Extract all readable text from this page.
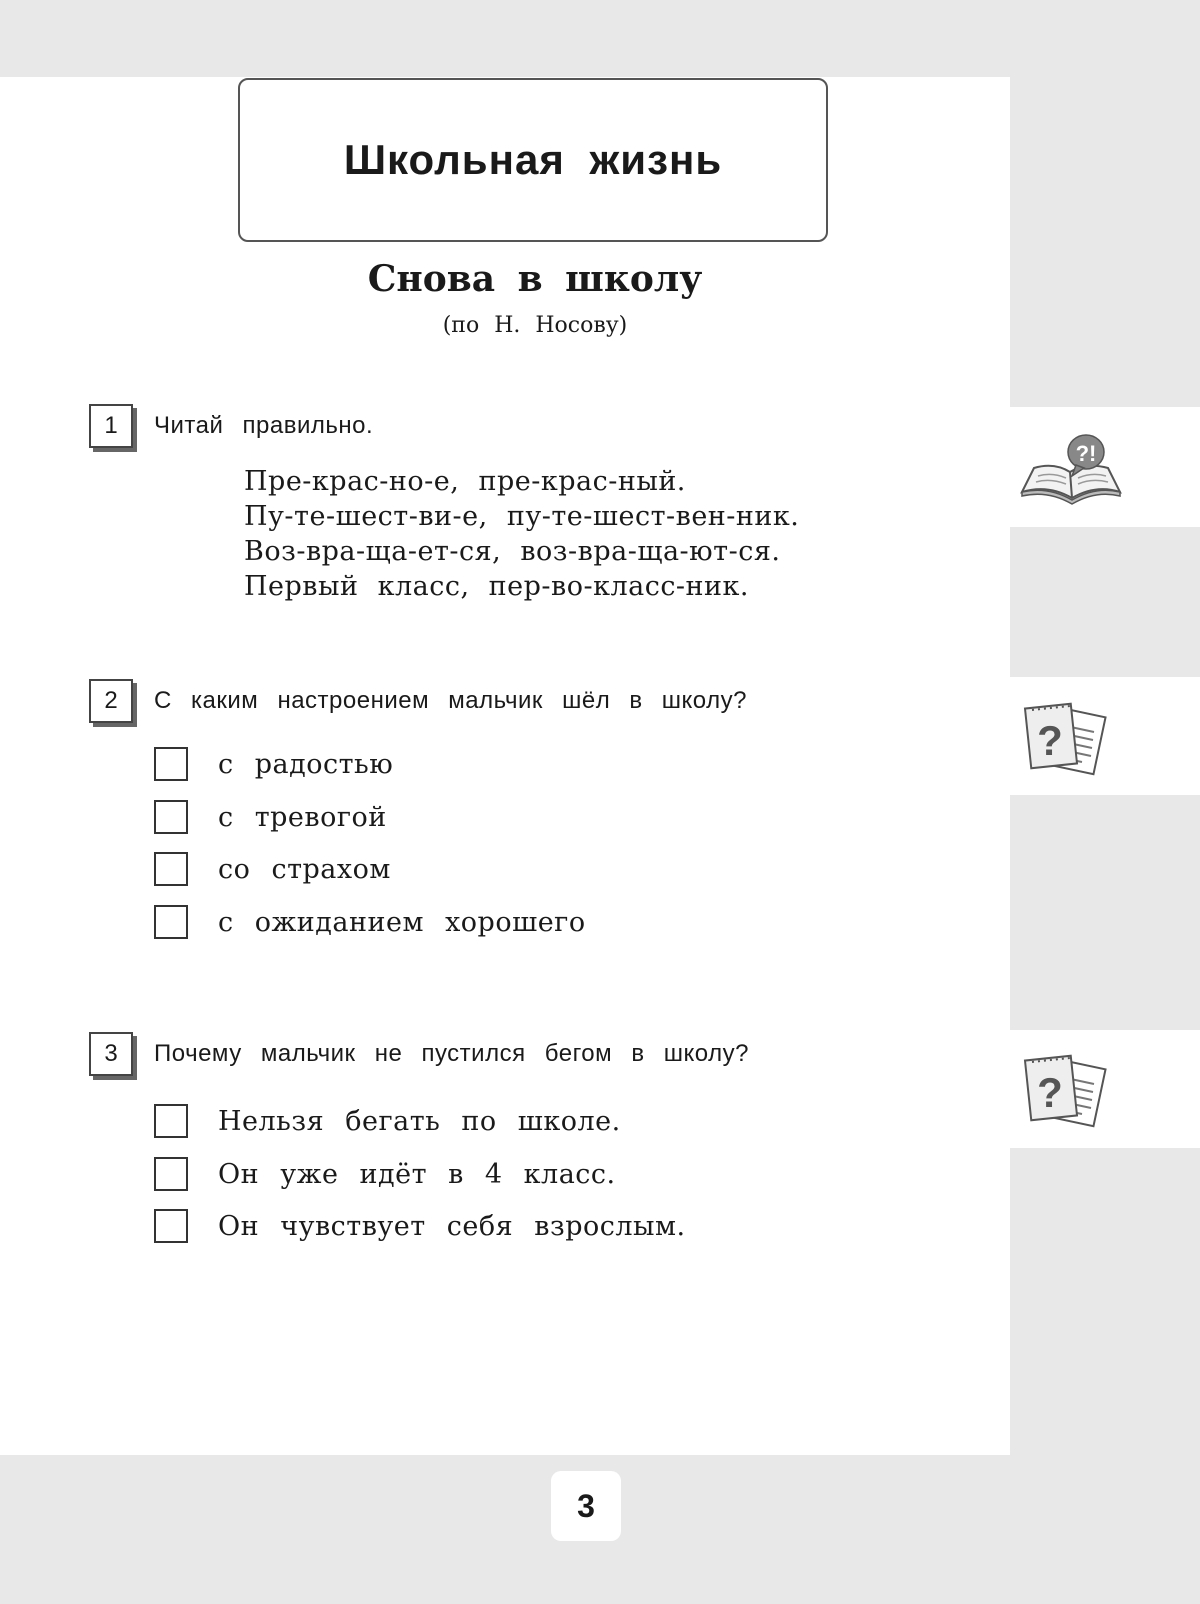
Школьная жизнь
Снова в школу
(по Н. Носову)
1	Читай правильно.
Пре-крас-но-е, пре-крас-ный.
Пу-те-шест-ви-е, пу-те-шест-вен-ник.
Воз-вра-ща-ет-ся, воз-вра-ща-ют-ся.
Первый класс, пер-во-класс-ник.
2	С каким настроением мальчик шёл в школу?
с радостью
с тревогой
со страхом
с ожиданием хорошего
3	Почему мальчик не пустился бегом в школу?
Нельзя бегать по школе.
Он уже идёт в 4 класс.
Он чувствует себя взрослым.
?!
?
?
3
